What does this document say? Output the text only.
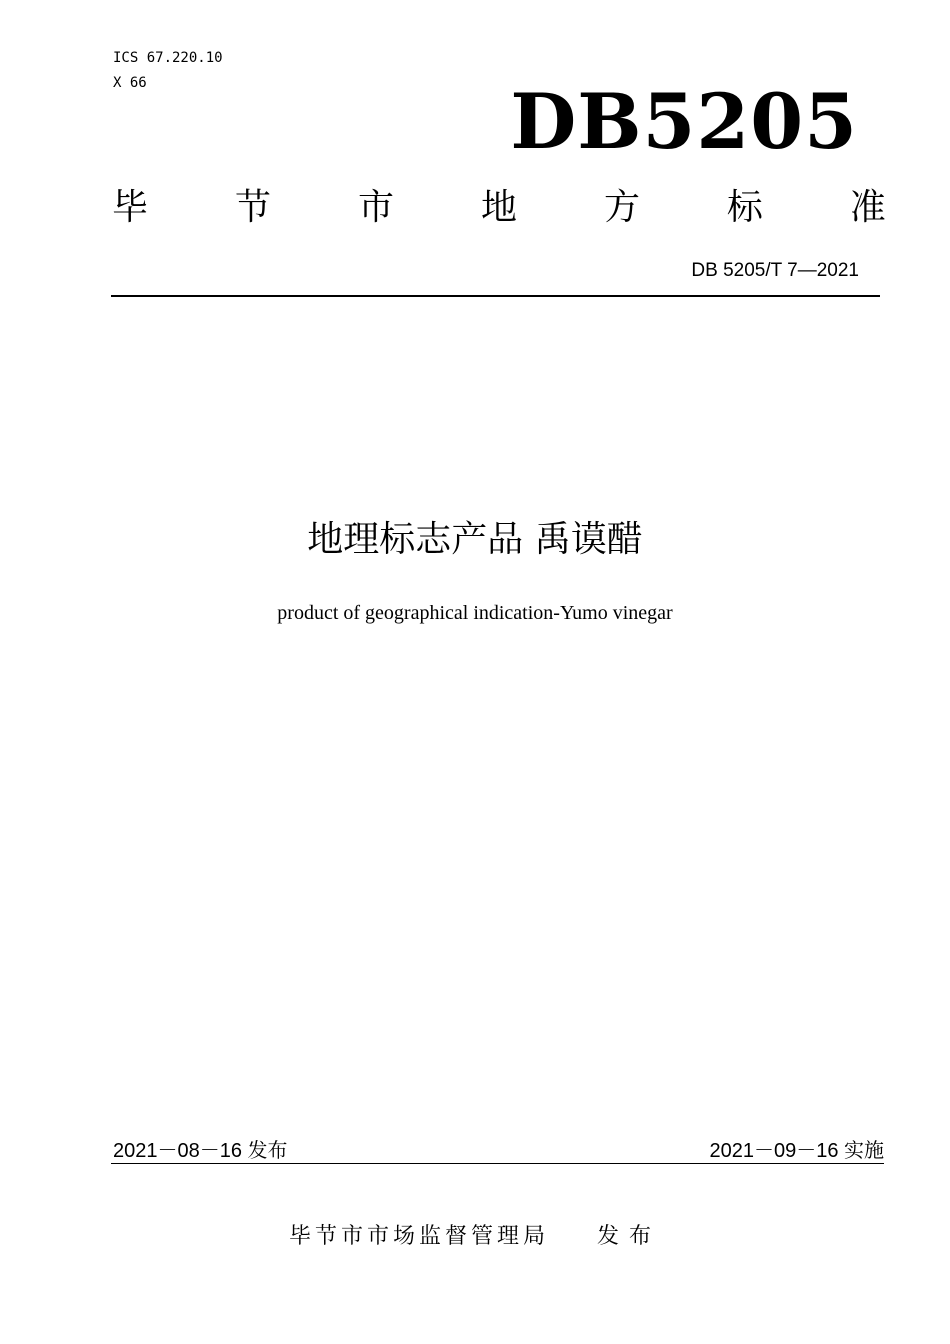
ICS 67.220.10
X 66	DB5205
毕 节 市 地 方 标 准
DB 5205/T 7—2021
地理标志产品 禹谟醋
product of geographical indication-Yumo vinegar
2021－08－16 发布	2021－09－16 实施
毕节市市场监督管理局 发布
